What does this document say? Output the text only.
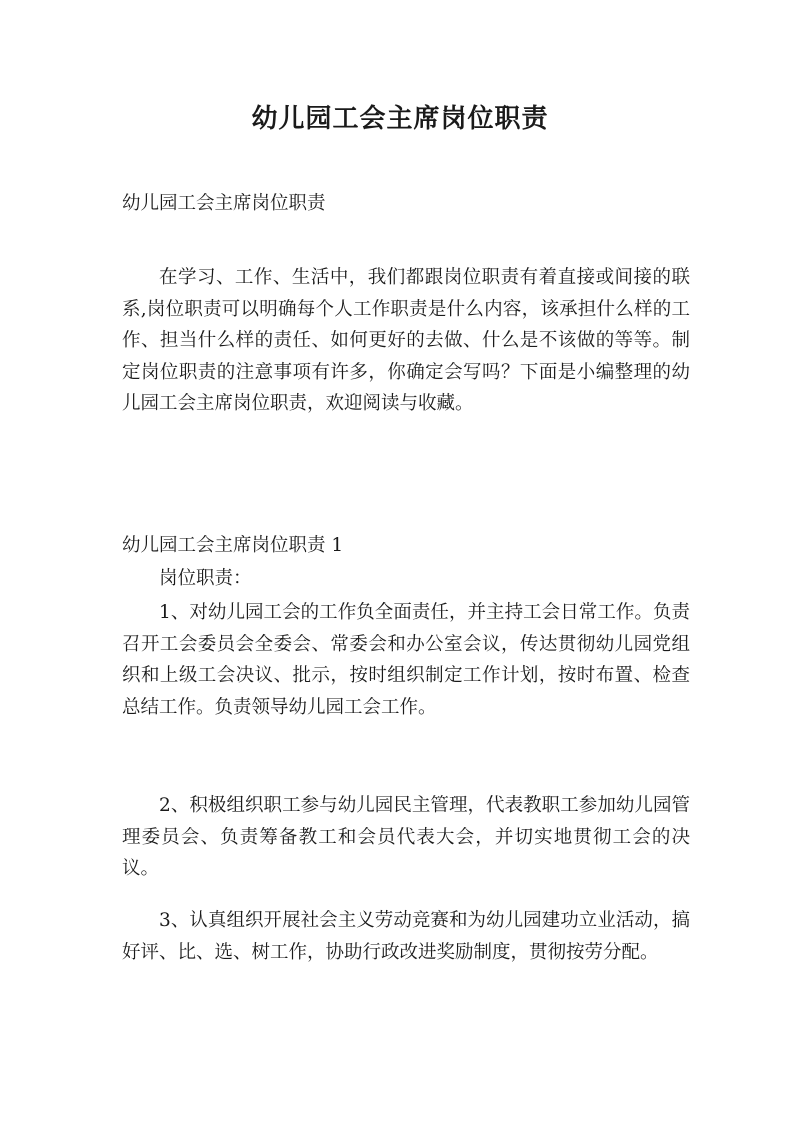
幼儿园工会主席岗位职责

幼儿园工会主席岗位职责

在学习、工作、生活中，我们都跟岗位职责有着直接或间接的联系,岗位职责可以明确每个人工作职责是什么内容，该承担什么样的工作、担当什么样的责任、如何更好的去做、什么是不该做的等等。制定岗位职责的注意事项有许多，你确定会写吗？下面是小编整理的幼儿园工会主席岗位职责，欢迎阅读与收藏。

幼儿园工会主席岗位职责 1

岗位职责：

1、对幼儿园工会的工作负全面责任，并主持工会日常工作。负责召开工会委员会全委会、常委会和办公室会议，传达贯彻幼儿园党组织和上级工会决议、批示，按时组织制定工作计划，按时布置、检查总结工作。负责领导幼儿园工会工作。

2、积极组织职工参与幼儿园民主管理，代表教职工参加幼儿园管理委员会、负责筹备教工和会员代表大会，并切实地贯彻工会的决议。

3、认真组织开展社会主义劳动竞赛和为幼儿园建功立业活动，搞好评、比、选、树工作，协助行政改进奖励制度，贯彻按劳分配。
